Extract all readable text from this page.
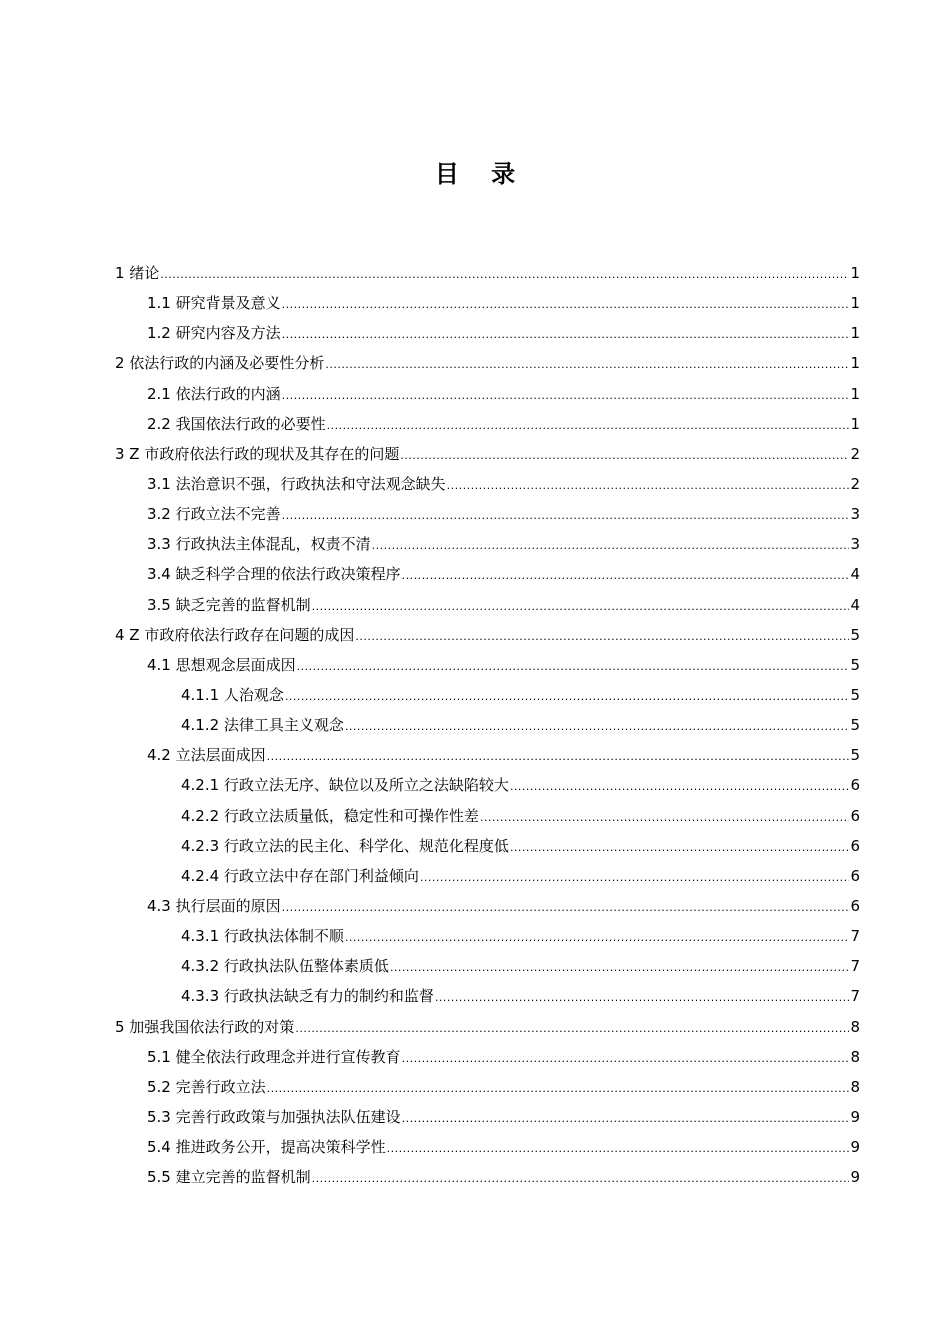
目 录
1 绪论 .....	1
1.1 研究背景及意义 .....	1
1.2 研究内容及方法 .....	1
2 依法行政的内涵及必要性分析 .....	1
2.1 依法行政的内涵 .....	1
2.2 我国依法行政的必要性 .....	1
3 Z 市政府依法行政的现状及其存在的问题 .....	2
3.1 法治意识不强，行政执法和守法观念缺失 .....	2
3.2 行政立法不完善 .....	3
3.3 行政执法主体混乱，权责不清 .....	3
3.4 缺乏科学合理的依法行政决策程序 .....	4
3.5 缺乏完善的监督机制 .....	4
4 Z 市政府依法行政存在问题的成因 .....	5
4.1 思想观念层面成因 .....	5
4.1.1 人治观念 .....	5
4.1.2 法律工具主义观念 .....	5
4.2 立法层面成因 .....	5
4.2.1 行政立法无序、缺位以及所立之法缺陷较大 .....	6
4.2.2 行政立法质量低，稳定性和可操作性差 .....	6
4.2.3 行政立法的民主化、科学化、规范化程度低 .....	6
4.2.4 行政立法中存在部门利益倾向 .....	6
4.3 执行层面的原因 .....	6
4.3.1 行政执法体制不顺 .....	7
4.3.2 行政执法队伍整体素质低 .....	7
4.3.3 行政执法缺乏有力的制约和监督 .....	7
5 加强我国依法行政的对策 .....	8
5.1 健全依法行政理念并进行宣传教育 .....	8
5.2 完善行政立法 .....	8
5.3 完善行政政策与加强执法队伍建设 .....	9
5.4 推进政务公开，提高决策科学性 .....	9
5.5 建立完善的监督机制 .....	9
